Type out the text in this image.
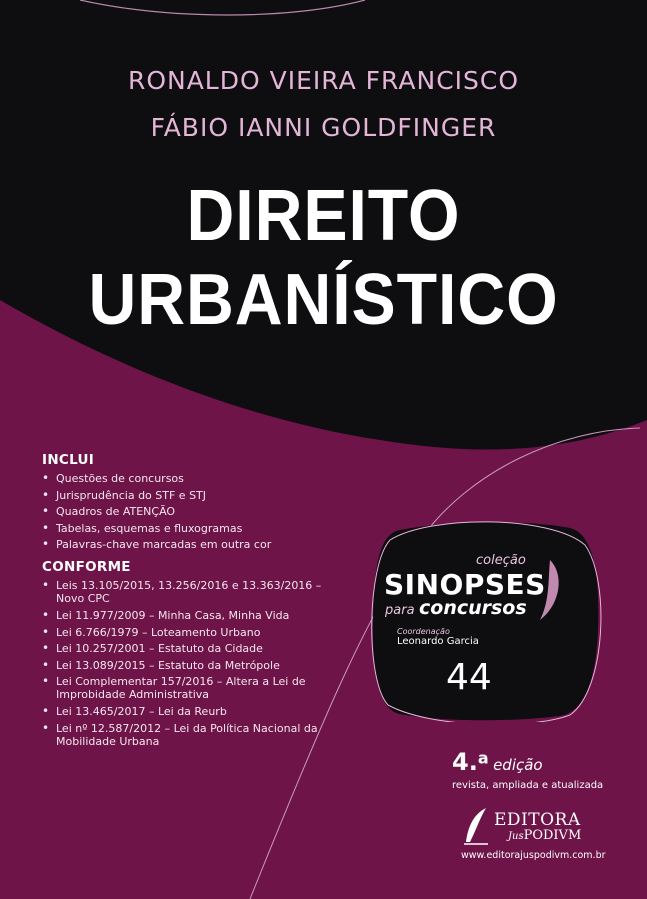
RONALDO VIEIRA FRANCISCO
FÁBIO IANNI GOLDFINGER
DIREITO
URBANÍSTICO
INCLUI
• Questões de concursos
• Jurisprudência do STF e STJ
• Quadros de ATENÇÃO
• Tabelas, esquemas e fluxogramas
• Palavras-chave marcadas em outra cor
CONFORME
• Leis 13.105/2015, 13.256/2016 e 13.363/2016 – Novo CPC
• Lei 11.977/2009 – Minha Casa, Minha Vida
• Lei 6.766/1979 – Loteamento Urbano
• Lei 10.257/2001 – Estatuto da Cidade
• Lei 13.089/2015 – Estatuto da Metrópole
• Lei Complementar 157/2016 – Altera a Lei de Improbidade Administrativa
• Lei 13.465/2017 – Lei da Reurb
• Lei nº 12.587/2012 – Lei da Política Nacional da Mobilidade Urbana
coleção
SINOPSES
para concursos
Coordenação
Leonardo Garcia
44
4.a edição
revista, ampliada e atualizada
EDITORA
JusPODIVM
www.editorajuspodivm.com.br
